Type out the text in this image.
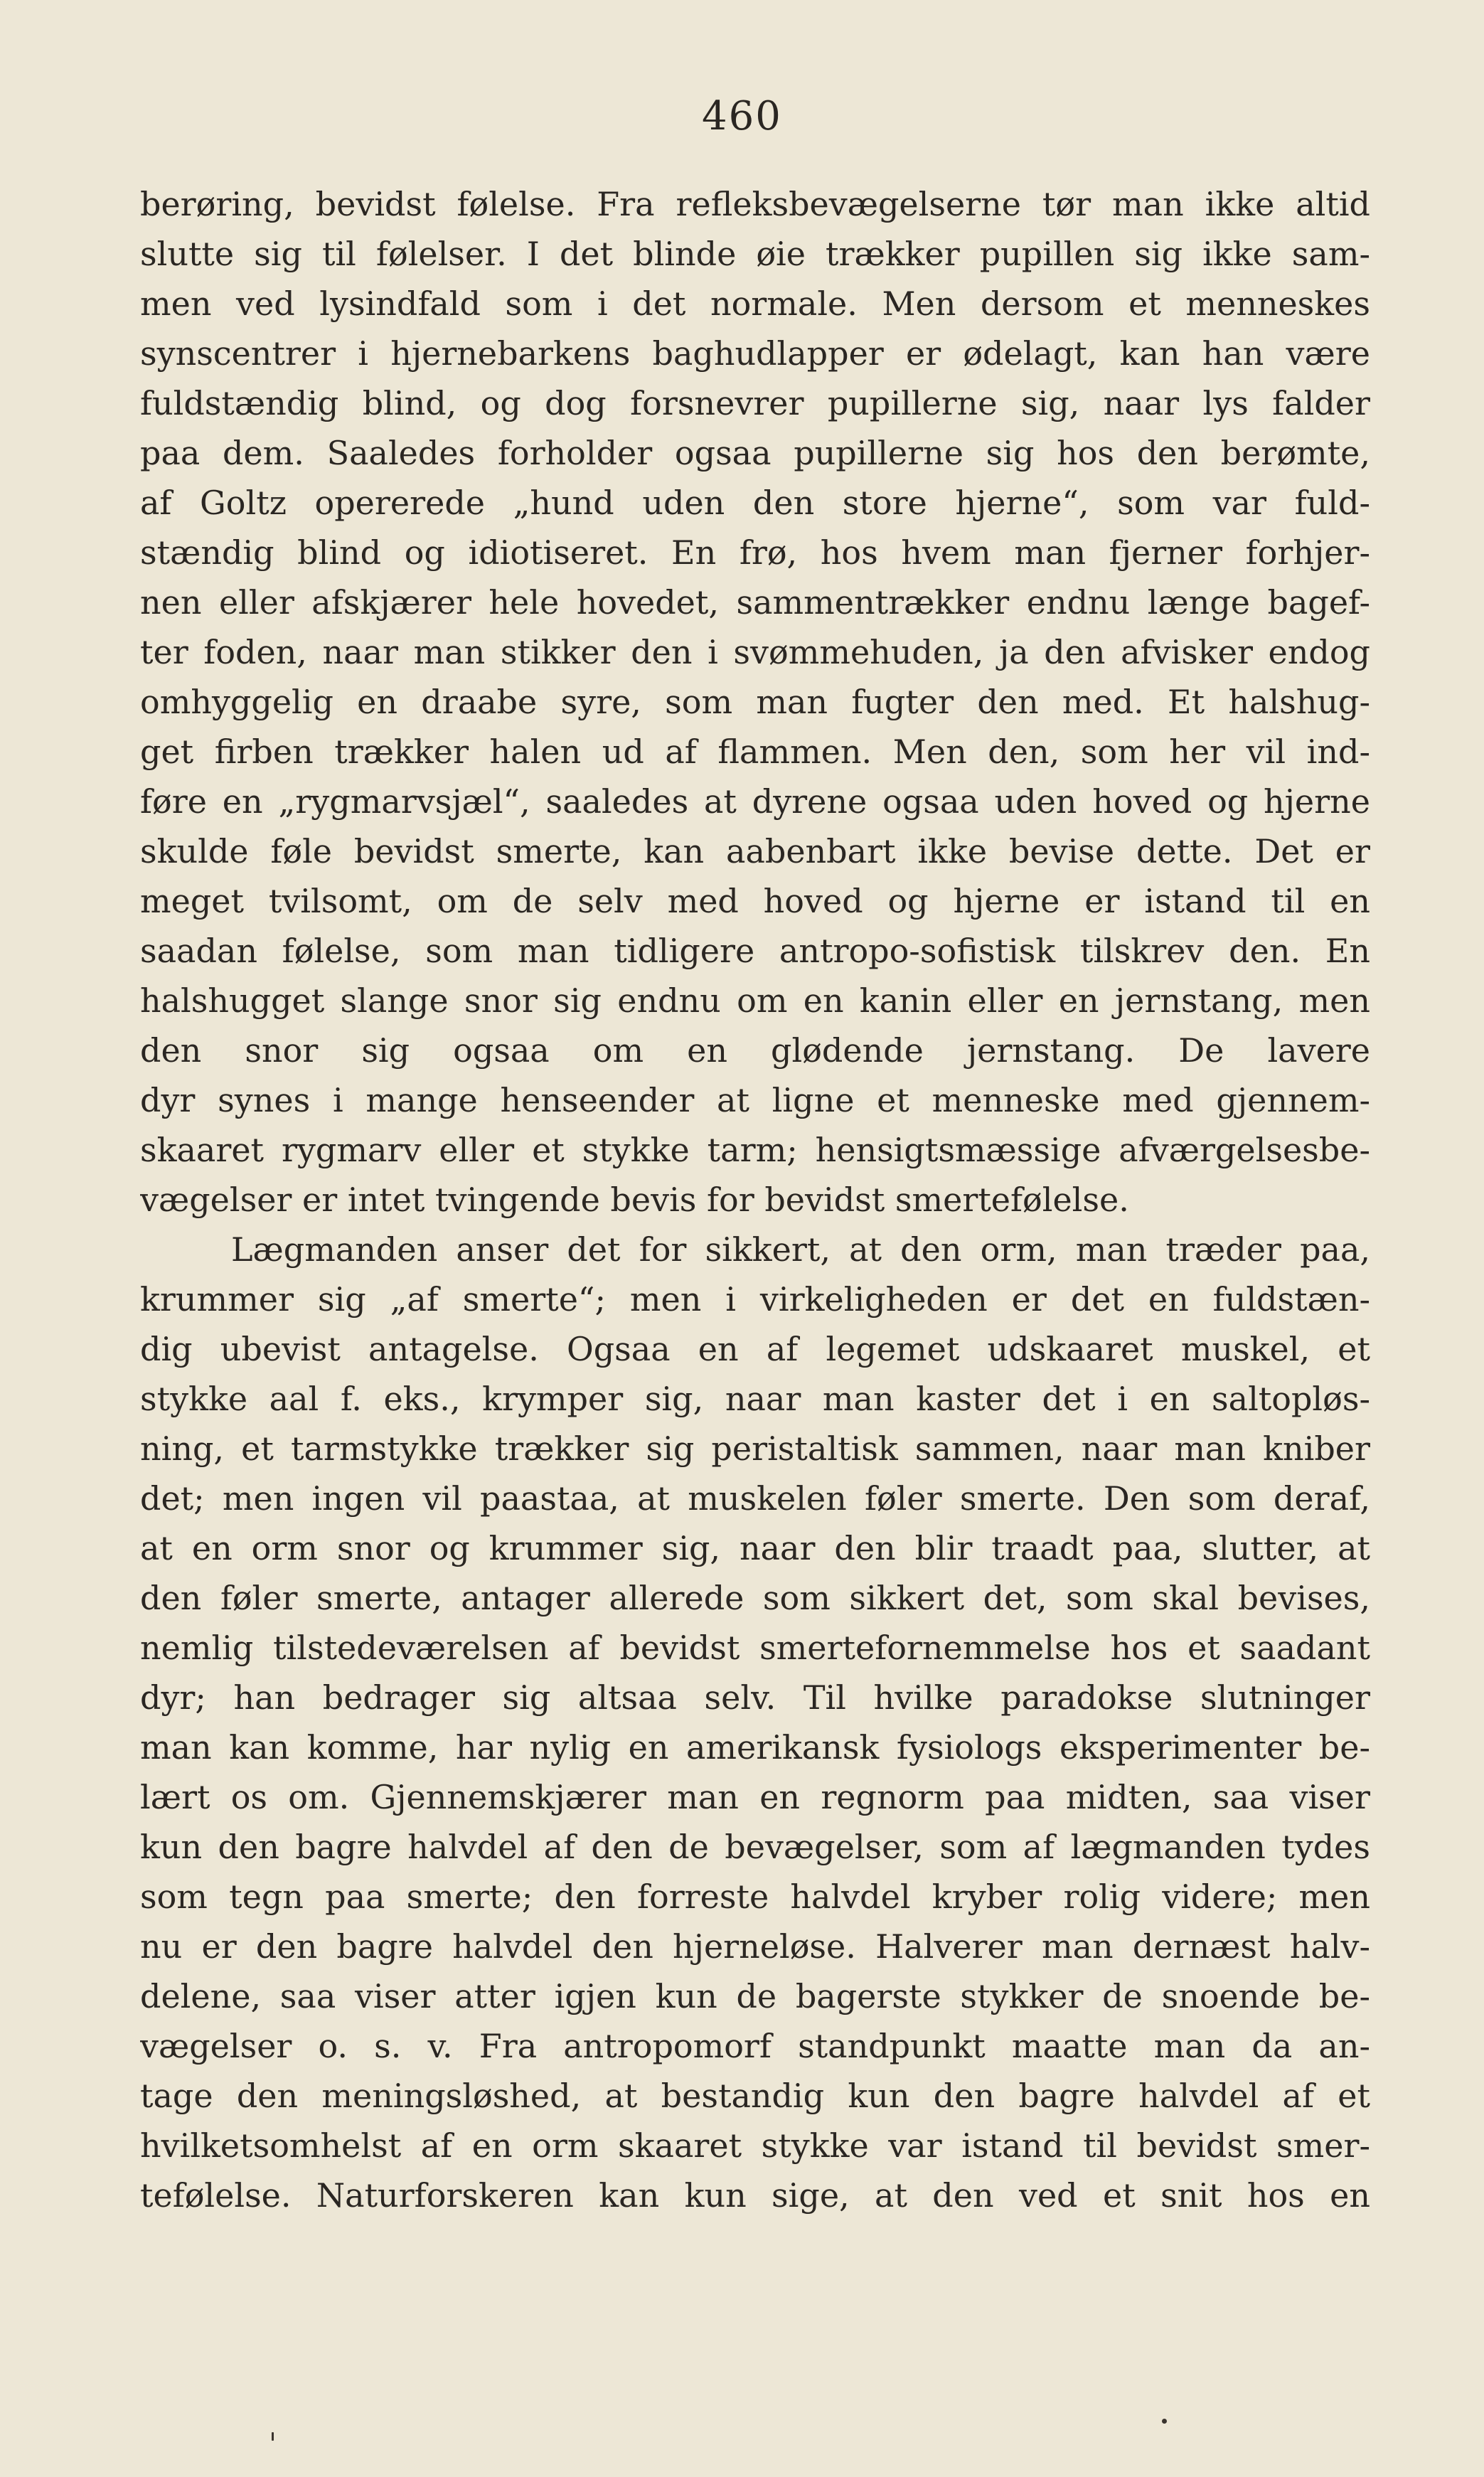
460
berøring, bevidst følelse. Fra refleksbevægelserne tør man ikke altid
slutte sig til følelser. I det blinde øie trækker pupillen sig ikke sam-
men ved lysindfald som i det normale. Men dersom et menneskes
synscentrer i hjernebarkens baghudlapper er ødelagt, kan han være
fuldstændig blind, og dog forsnevrer pupillerne sig, naar lys falder
paa dem. Saaledes forholder ogsaa pupillerne sig hos den berømte,
af Goltz opererede „hund uden den store hjerne“, som var fuld-
stændig blind og idiotiseret. En frø, hos hvem man fjerner forhjer-
nen eller afskjærer hele hovedet, sammentrækker endnu længe bagef-
ter foden, naar man stikker den i svømmehuden, ja den afvisker endog
omhyggelig en draabe syre, som man fugter den med. Et halshug-
get firben trækker halen ud af flammen. Men den, som her vil ind-
føre en „rygmarvsjæl“, saaledes at dyrene ogsaa uden hoved og hjerne
skulde føle bevidst smerte, kan aabenbart ikke bevise dette. Det er
meget tvilsomt, om de selv med hoved og hjerne er istand til en
saadan følelse, som man tidligere antropo-sofistisk tilskrev den. En
halshugget slange snor sig endnu om en kanin eller en jernstang, men
den snor sig ogsaa om en glødende jernstang. De lavere
dyr synes i mange henseender at ligne et menneske med gjennem-
skaaret rygmarv eller et stykke tarm; hensigtsmæssige afværgelsesbe-
vægelser er intet tvingende bevis for bevidst smertefølelse.
Lægmanden anser det for sikkert, at den orm, man træder paa,
krummer sig „af smerte“; men i virkeligheden er det en fuldstæn-
dig ubevist antagelse. Ogsaa en af legemet udskaaret muskel, et
stykke aal f. eks., krymper sig, naar man kaster det i en saltopløs-
ning, et tarmstykke trækker sig peristaltisk sammen, naar man kniber
det; men ingen vil paastaa, at muskelen føler smerte. Den som deraf,
at en orm snor og krummer sig, naar den blir traadt paa, slutter, at
den føler smerte, antager allerede som sikkert det, som skal bevises,
nemlig tilstedeværelsen af bevidst smertefornemmelse hos et saadant
dyr; han bedrager sig altsaa selv. Til hvilke paradokse slutninger
man kan komme, har nylig en amerikansk fysiologs eksperimenter be-
lært os om. Gjennemskjærer man en regnorm paa midten, saa viser
kun den bagre halvdel af den de bevægelser, som af lægmanden tydes
som tegn paa smerte; den forreste halvdel kryber rolig videre; men
nu er den bagre halvdel den hjerneløse. Halverer man dernæst halv-
delene, saa viser atter igjen kun de bagerste stykker de snoende be-
vægelser o. s. v. Fra antropomorf standpunkt maatte man da an-
tage den meningsløshed, at bestandig kun den bagre halvdel af et
hvilketsomhelst af en orm skaaret stykke var istand til bevidst smer-
tefølelse. Naturforskeren kan kun sige, at den ved et snit hos en
